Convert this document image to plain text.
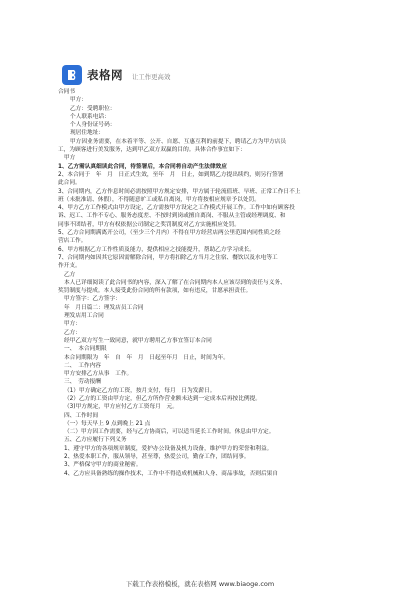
表格网 让工作更高效
合同书
甲方：
乙方：受聘职位：
个人联系电话：
个人身份证号码：
现居住地址：
甲方因业务需要，在本着平等、公开、自愿、互惠互利的前提下，聘请乙方为甲方店员
工，为顾客进行美发服务，达到甲乙双方双赢的目的。具体合作事宜如下：
甲方
1、乙方需认真细读此合同，待签署后，本合同将自动产生法律效应
2、本合同于　年　月　日正式生效，至年　月　日止，如到期乙方提出续约，则另行签署
此合同。
3、合同期内，乙方作息时间必需按照甲方规定安排，甲方属于轮流值班、早班、正常工作日不上
班（未批准请、休假），不得随意旷工或私自离岗，甲方将按相应规章予以处罚。
4、甲方乙方工作模式由甲方设定，乙方需按甲方设定之工作模式开展工作。工作中如有顾客投
诉、迟工、工作不专心、服务态度差、不按时到岗或擅自离岗、不服从主管或经理调度、和
同事不团结者，甲方有权依据公司制定之奖罚制度对乙方实施相应处罚。
5、乙方合同期满离开公司，（至少三个月内）不得在甲方经营店两公里范围内同性质之经
营店工作。
6、甲方根据乙方工作性质及能力，提供相应之技能提升，帮助乙方学习成长。
7、合同期内如因其它原因需解除合同，甲方将扣除乙方当月之住宿、餐饮以及水电等工
作开支。
乙方
本人已详细阅读了此合同书的内容，深入了解了在合同期内本人应该尽到的责任与义务、
奖罚制度与提成。本人接受此份合同的所有款项，如有违反，甘愿承担责任。
甲方签字：乙方签字：
年　月日篇二：理发店员工合同
理发店用工合同
甲方：
乙方：
经甲乙双方写生一致同意，就甲方聘用乙方事宜签订本合同
一、　本合同期限
本合同期限为　年　自　年　月　日起至年月　日止，时间为年。
二、　工作内容
甲方安排乙方从事　工作。
三、　劳动报酬
（1）甲方确定乙方的工资，按月支付，每月　日为发薪日。
（2）乙方的工资由甲方定，但乙方所作营业额未达到一定成本后再按比例提。
（3)甲方规定，甲方应付乙方工资每月　元。
四、工作时间
（一）每天早上 9 点到晚上 21 点
（二）甲方因工作需要，经与乙方协商后，可以适当延长工作时间。休息由甲方定。
五、乙方应履行下列义务
1、遵守甲方的各项规章制度，爱护办公设备及机力设备，维护甲方的荣誉和利益。
2、热爱本职工作，服从领导，甚至尊，热爱公司，勤奋工作，团结同事。
3、严格保守甲方的商业秘密。
4、乙方应具备熟练的操作技术，工作中不得造成机械和人身、商品事故，否则后果自
下载工作表格模板，就在表格网 www.biaoge.com
